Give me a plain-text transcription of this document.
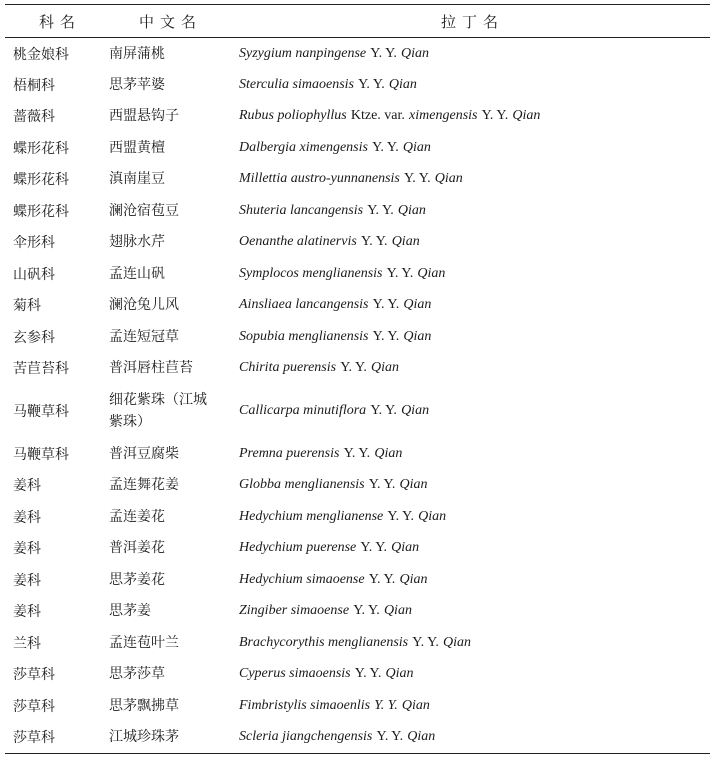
科名	中文名	拉丁名
桃金娘科	南屏蒲桃	Syzygium nanpingense Y. Y. Qian
梧桐科	思茅苹婆	Sterculia simaoensis Y. Y. Qian
蔷薇科	西盟悬钩子	Rubus poliophyllus Ktze. var. ximengensis Y. Y. Qian
蝶形花科	西盟黄檀	Dalbergia ximengensis Y. Y. Qian
蝶形花科	滇南崖豆	Millettia austro-yunnanensis Y. Y. Qian
蝶形花科	澜沧宿苞豆	Shuteria lancangensis Y. Y. Qian
伞形科	翅脉水芹	Oenanthe alatinervis Y. Y. Qian
山矾科	孟连山矾	Symplocos menglianensis Y. Y. Qian
菊科	澜沧兔儿风	Ainsliaea lancangensis Y. Y. Qian
玄参科	孟连短冠草	Sopubia menglianensis Y. Y. Qian
苦苣苔科	普洱唇柱苣苔	Chirita puerensis Y. Y. Qian
马鞭草科	细花紫珠（江城紫珠）	Callicarpa minutiflora Y. Y. Qian
马鞭草科	普洱豆腐柴	Premna puerensis Y. Y. Qian
姜科	孟连舞花姜	Globba menglianensis Y. Y. Qian
姜科	孟连姜花	Hedychium menglianense Y. Y. Qian
姜科	普洱姜花	Hedychium puerense Y. Y. Qian
姜科	思茅姜花	Hedychium simaoense Y. Y. Qian
姜科	思茅姜	Zingiber simaoense Y. Y. Qian
兰科	孟连苞叶兰	Brachycorythis menglianensis Y. Y. Qian
莎草科	思茅莎草	Cyperus simaoensis Y. Y. Qian
莎草科	思茅飘拂草	Fimbristylis simaoenlis Y. Y. Qian
莎草科	江城珍珠茅	Scleria jiangchengensis Y. Y. Qian
